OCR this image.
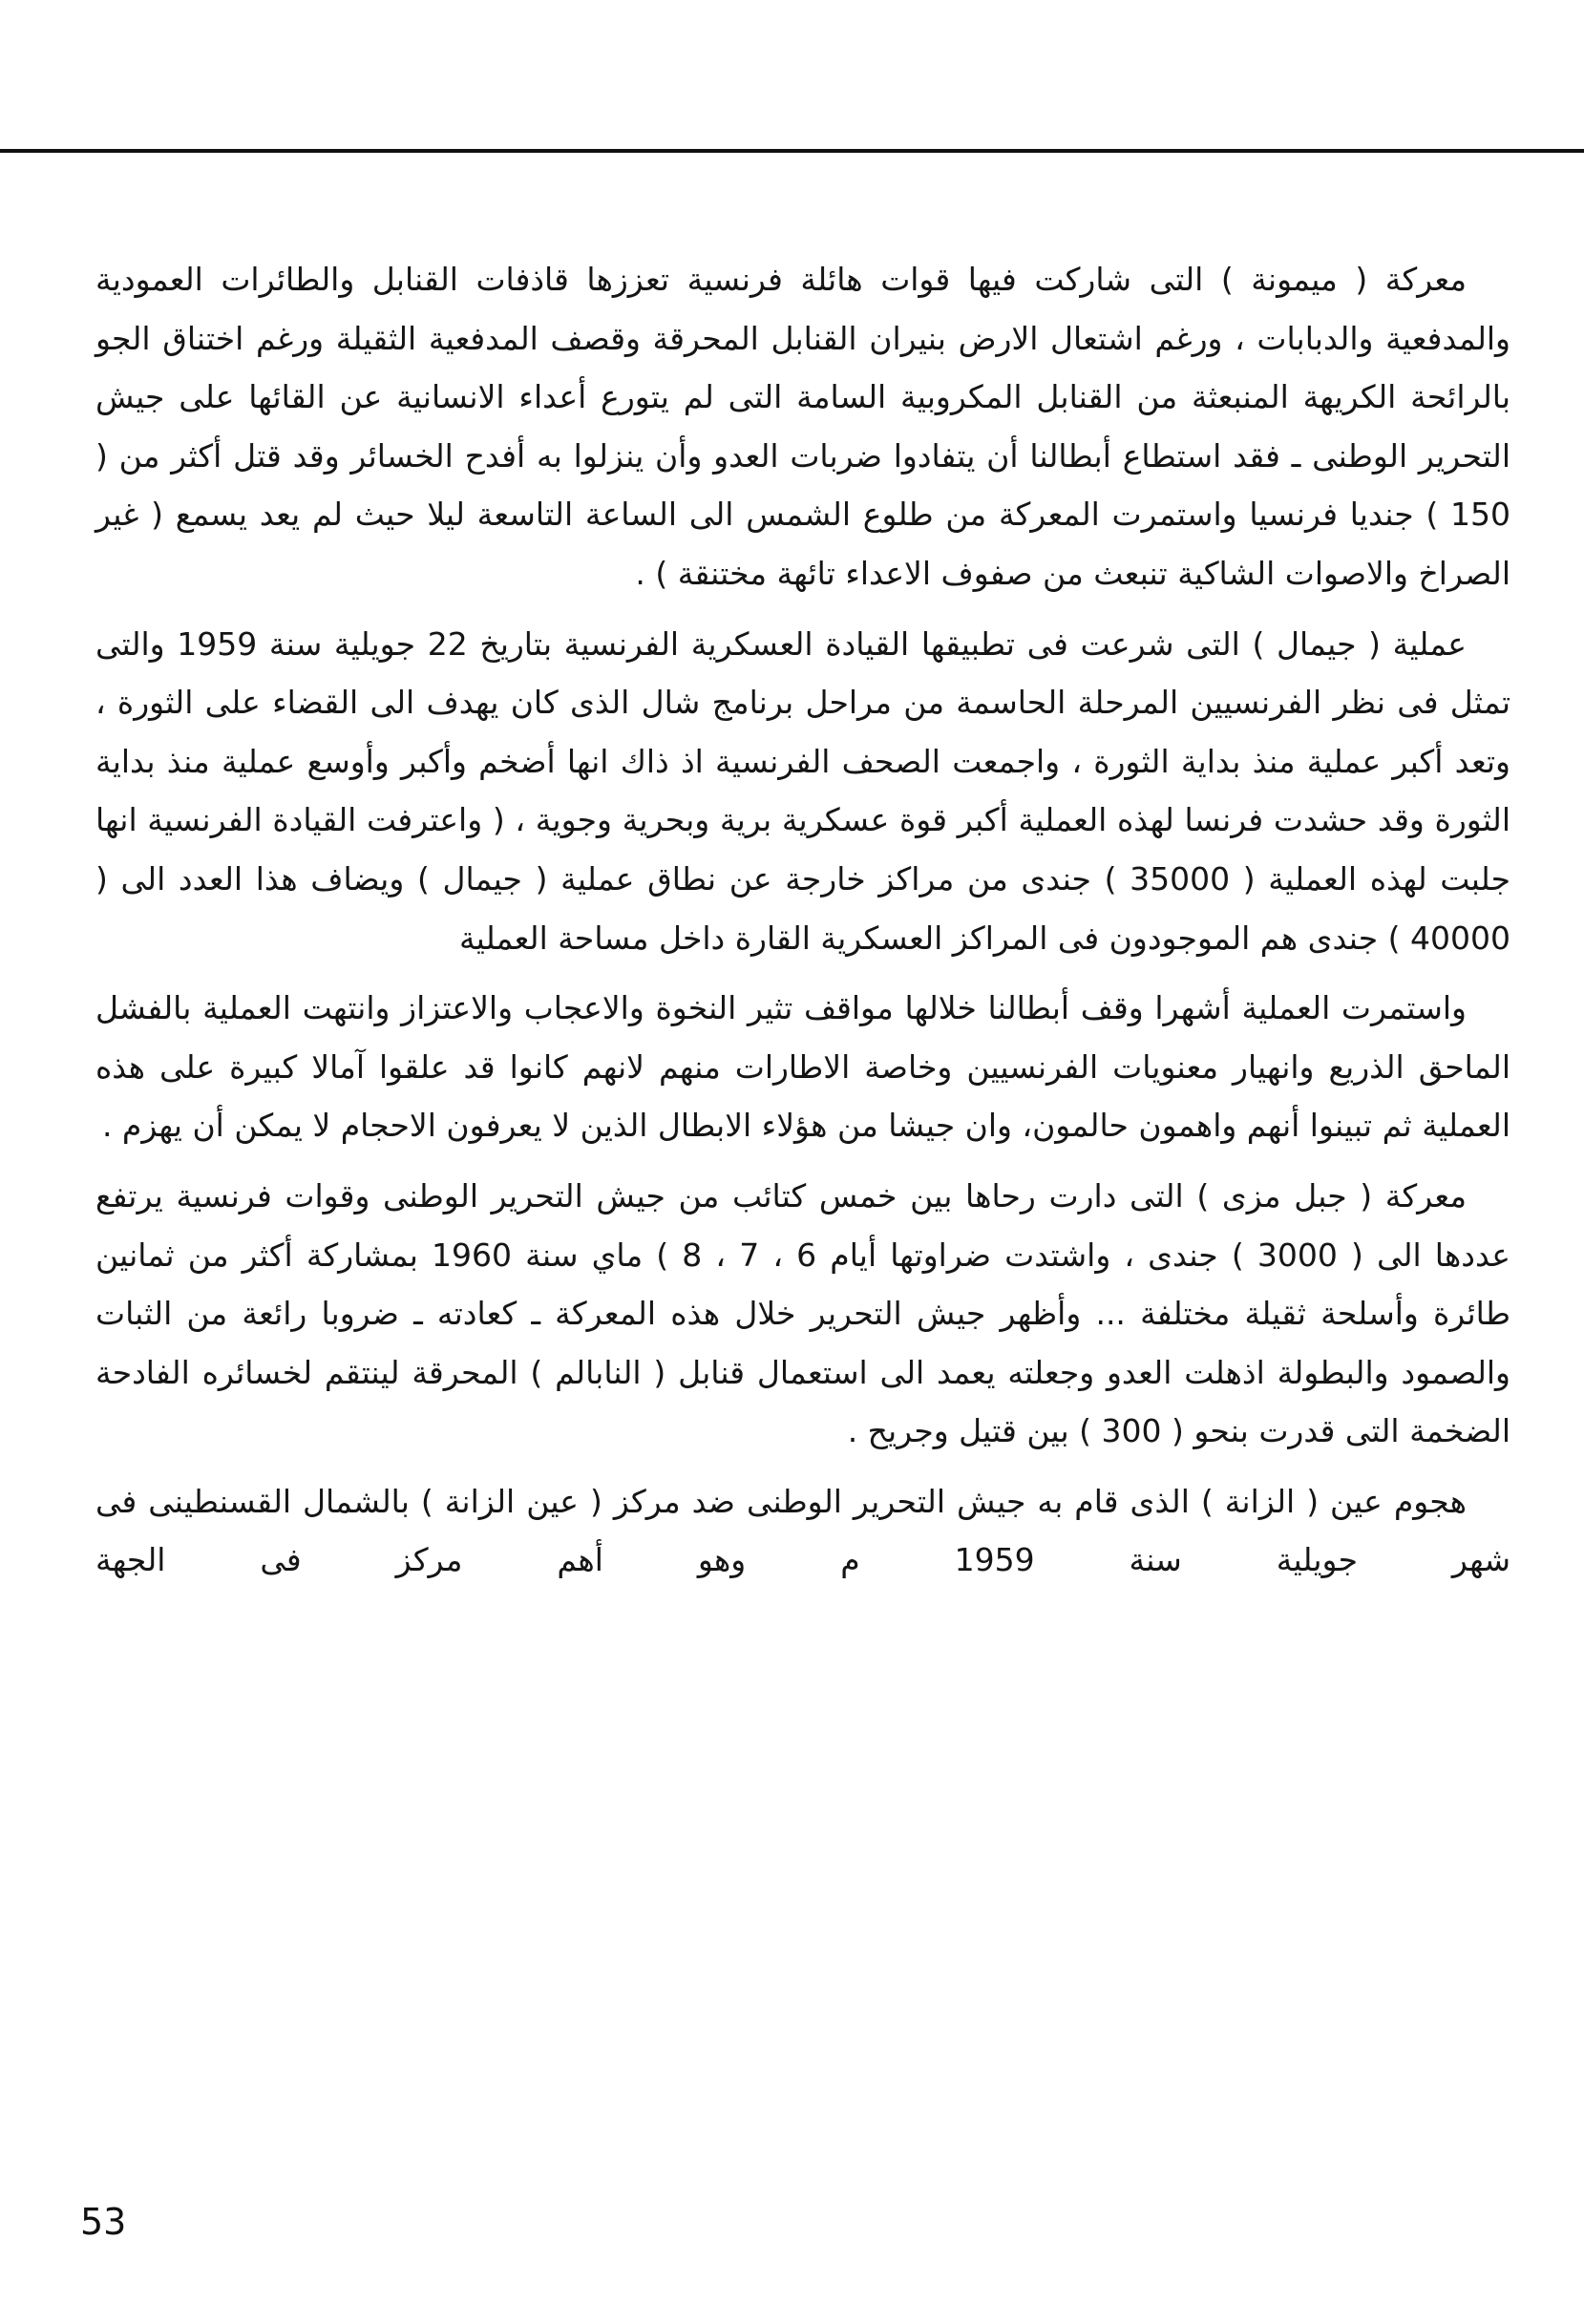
معركة ( ميمونة ) التى شاركت فيها قوات هائلة فرنسية تعززها قاذفات القنابل والطائرات العمودية والمدفعية والدبابات ، ورغم اشتعال الارض بنيران القنابل المحرقة وقصف المدفعية الثقيلة ورغم اختناق الجو بالرائحة الكريهة المنبعثة من القنابل المكروبية السامة التى لم يتورع أعداء الانسانية عن القائها على جيش التحرير الوطنى ـ فقد استطاع أبطالنا أن يتفادوا ضربات العدو وأن ينزلوا به أفدح الخسائر وقد قتل أكثر من ( 150 ) جنديا فرنسيا واستمرت المعركة من طلوع الشمس الى الساعة التاسعة ليلا حيث لم يعد يسمع ( غير الصراخ والاصوات الشاكية تنبعث من صفوف الاعداء تائهة مختنقة ) .

عملية ( جيمال ) التى شرعت فى تطبيقها القيادة العسكرية الفرنسية بتاريخ 22 جويلية سنة 1959 والتى تمثل فى نظر الفرنسيين المرحلة الحاسمة من مراحل برنامج شال الذى كان يهدف الى القضاء على الثورة ، وتعد أكبر عملية منذ بداية الثورة ، واجمعت الصحف الفرنسية اذ ذاك انها أضخم وأكبر وأوسع عملية منذ بداية الثورة وقد حشدت فرنسا لهذه العملية أكبر قوة عسكرية برية وبحرية وجوية ، ( واعترفت القيادة الفرنسية انها جلبت لهذه العملية ( 35000 ) جندى من مراكز خارجة عن نطاق عملية ( جيمال ) ويضاف هذا العدد الى ( 40000 ) جندى هم الموجودون فى المراكز العسكرية القارة داخل مساحة العملية

واستمرت العملية أشهرا وقف أبطالنا خلالها مواقف تثير النخوة والاعجاب والاعتزاز وانتهت العملية بالفشل الماحق الذريع وانهيار معنويات الفرنسيين وخاصة الاطارات منهم لانهم كانوا قد علقوا آمالا كبيرة على هذه العملية ثم تبينوا أنهم واهمون حالمون، وان جيشا من هؤلاء الابطال الذين لا يعرفون الاحجام لا يمكن أن يهزم .

معركة ( جبل مزى ) التى دارت رحاها بين خمس كتائب من جيش التحرير الوطنى وقوات فرنسية يرتفع عددها الى ( 3000 ) جندى ، واشتدت ضراوتها أيام 6 ، 7 ، 8 ) ماي سنة 1960 بمشاركة أكثر من ثمانين طائرة وأسلحة ثقيلة مختلفة ... وأظهر جيش التحرير خلال هذه المعركة ـ كعادته ـ ضروبا رائعة من الثبات والصمود والبطولة اذهلت العدو وجعلته يعمد الى استعمال قنابل ( النابالم ) المحرقة لينتقم لخسائره الفادحة الضخمة التى قدرت بنحو ( 300 ) بين قتيل وجريح .

هجوم عين ( الزانة ) الذى قام به جيش التحرير الوطنى ضد مركز ( عين الزانة ) بالشمال القسنطينى فى شهر جويلية سنة 1959 م وهو أهم مركز فى الجهة

53
